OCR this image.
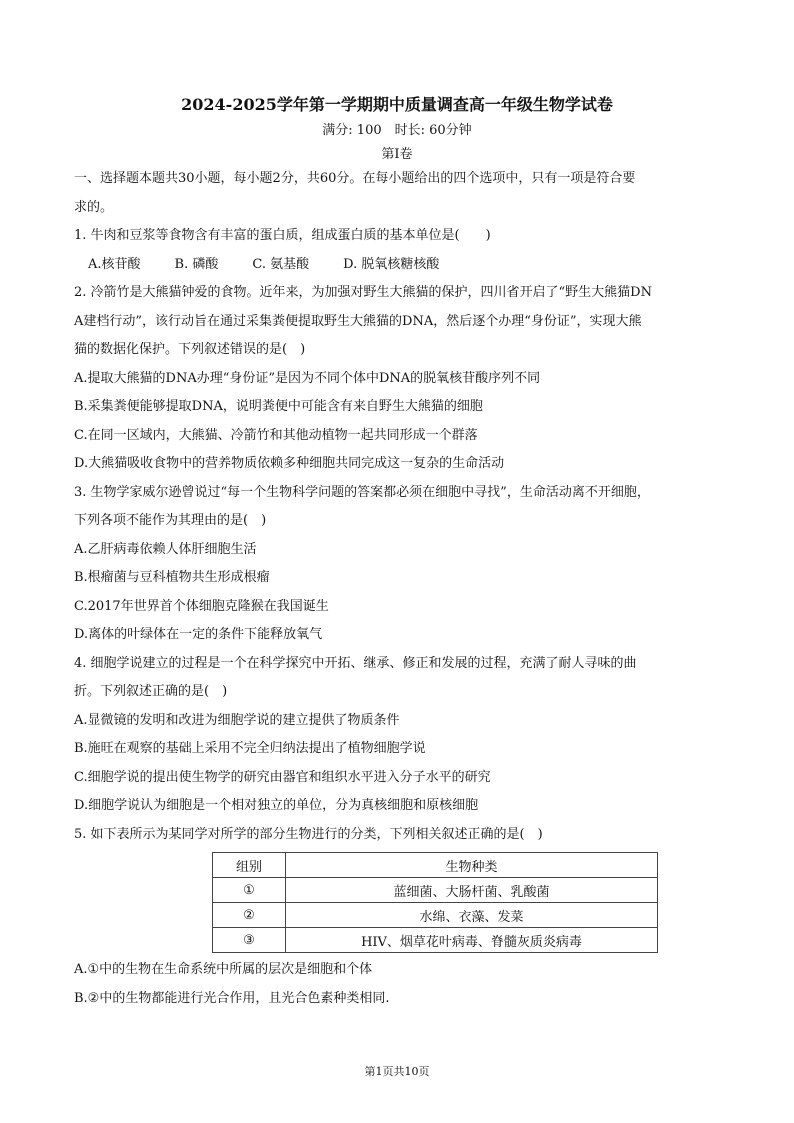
2024-2025学年第一学期期中质量调查高一年级生物学试卷
满分: 100　时长: 60分钟
第Ⅰ卷
一、选择题本题共30小题，每小题2分，共60分。在每小题给出的四个选项中，只有一项是符合要
求的。
1. 牛肉和豆浆等食物含有丰富的蛋白质，组成蛋白质的基本单位是(　　)
A.核苷酸	B. 磷酸	C. 氨基酸	D. 脱氧核糖核酸
2. 冷箭竹是大熊猫钟爱的食物。近年来，为加强对野生大熊猫的保护，四川省开启了“野生大熊猫DN
A建档行动”，该行动旨在通过采集粪便提取野生大熊猫的DNA，然后逐个办理“身份证”，实现大熊
猫的数据化保护。下列叙述错误的是(　)
A.提取大熊猫的DNA办理“身份证”是因为不同个体中DNA的脱氧核苷酸序列不同
B.采集粪便能够提取DNA，说明粪便中可能含有来自野生大熊猫的细胞
C.在同一区域内，大熊猫、冷箭竹和其他动植物一起共同形成一个群落
D.大熊猫吸收食物中的营养物质依赖多种细胞共同完成这一复杂的生命活动
3. 生物学家威尔逊曾说过“每一个生物科学问题的答案都必须在细胞中寻找”，生命活动离不开细胞，
下列各项不能作为其理由的是(　)
A.乙肝病毒依赖人体肝细胞生活
B.根瘤菌与豆科植物共生形成根瘤
C.2017年世界首个体细胞克隆猴在我国诞生
D.离体的叶绿体在一定的条件下能释放氧气
4. 细胞学说建立的过程是一个在科学探究中开拓、继承、修正和发展的过程，充满了耐人寻味的曲
折。下列叙述正确的是(　)
A.显微镜的发明和改进为细胞学说的建立提供了物质条件
B.施旺在观察的基础上采用不完全归纳法提出了植物细胞学说
C.细胞学说的提出使生物学的研究由器官和组织水平进入分子水平的研究
D.细胞学说认为细胞是一个相对独立的单位，分为真核细胞和原核细胞
5. 如下表所示为某同学对所学的部分生物进行的分类，下列相关叙述正确的是(　)
组别	生物种类
①	蓝细菌、大肠杆菌、乳酸菌
②	水绵、衣藻、发菜
③	HIV、烟草花叶病毒、脊髓灰质炎病毒
A.①中的生物在生命系统中所属的层次是细胞和个体
B.②中的生物都能进行光合作用，且光合色素种类相同.
第1页共10页
